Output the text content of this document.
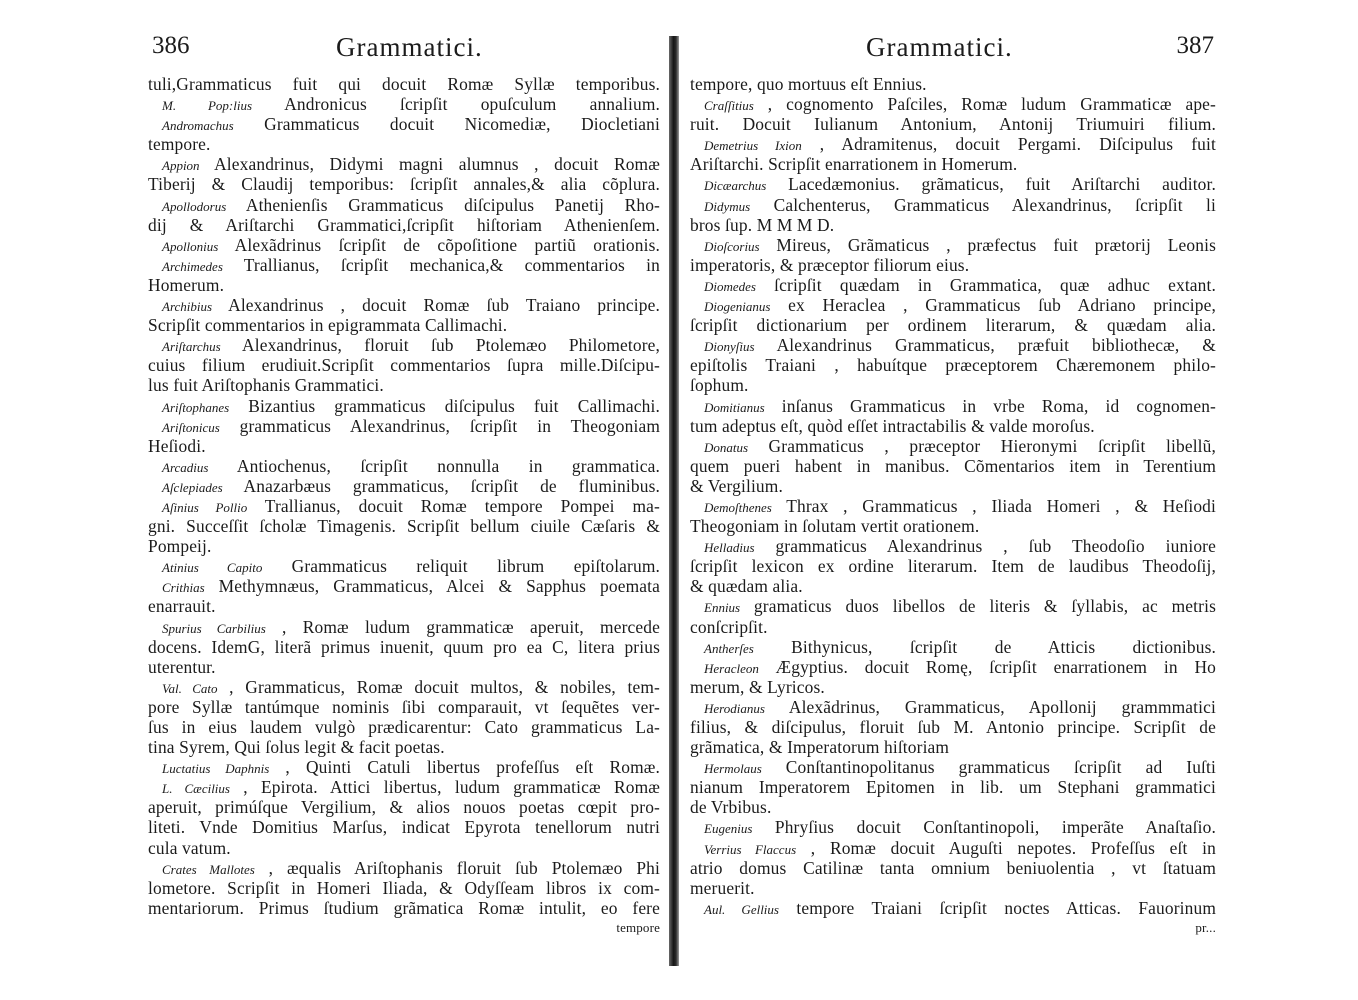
386	Grammatici.
tuli,Grammaticus fuit qui docuit Romæ Syllæ temporibus.
M. Pop:lius Andronicus ſcripſit opuſculum annalium.
Andromachus Grammaticus docuit Nicomediæ, Diocletiani
tempore.
Appion Alexandrinus, Didymi magni alumnus , docuit Romæ
Tiberij & Claudij temporibus: ſcripſit annales,& alia cõplura.
Apollodorus Athenienſis Grammaticus diſcipulus Panetij Rho-
dij & Ariſtarchi Grammatici,ſcripſit hiſtoriam Athenienſem.
Apollonius Alexãdrinus ſcripſit de cõpoſitione partiũ orationis.
Archimedes Trallianus, ſcripſit mechanica,& commentarios in
Homerum.
Archibius Alexandrinus , docuit Romæ ſub Traiano principe.
Scripſit commentarios in epigrammata Callimachi.
Ariſtarchus Alexandrinus, floruit ſub Ptolemæo Philometore,
cuius filium erudiuit.Scripſit commentarios ſupra mille.Diſcipu-
lus fuit Ariſtophanis Grammatici.
Ariſtophanes Bizantius grammaticus diſcipulus fuit Callimachi.
Ariſtonicus grammaticus Alexandrinus, ſcripſit in Theogoniam
Heſiodi.
Arcadius Antiochenus, ſcripſit nonnulla in grammatica.
Aſclepiades Anazarbæus grammaticus, ſcripſit de fluminibus.
Aſinius Pollio Trallianus, docuit Romæ tempore Pompei ma-
gni. Succeſſit ſcholæ Timagenis. Scripſit bellum ciuile Cæſaris &
Pompeij.
Atinius Capito Grammaticus reliquit librum epiſtolarum.
Crithias Methymnæus, Grammaticus, Alcei & Sapphus poemata
enarrauit.
Spurius Carbilius , Romæ ludum grammaticæ aperuit, mercede
docens. IdemG, literã primus inuenit, quum pro ea C, litera prius
uterentur.
Val. Cato , Grammaticus, Romæ docuit multos, & nobiles, tem-
pore Syllæ tantúmque nominis ſibi comparauit, vt ſequẽtes ver-
ſus in eius laudem vulgò prædicarentur: Cato grammaticus La-
tina Syrem, Qui ſolus legit & facit poetas.
Luctatius Daphnis , Quinti Catuli libertus profeſſus eſt Romæ.
L. Cæcilius , Epirota. Attici libertus, ludum grammaticæ Romæ
aperuit, primúſque Vergilium, & alios nouos poetas cœpit pro-
liteti. Vnde Domitius Marſus, indicat Epyrota tenellorum nutri
cula vatum.
Crates Mallotes , æqualis Ariſtophanis floruit ſub Ptolemæo Phi
lometore. Scripſit in Homeri Iliada, & Odyſſeam libros ix com-
mentariorum. Primus ſtudium grãmatica Romæ intulit, eo fere
tempore
Grammatici.	387
tempore, quo mortuus eſt Ennius.
Craſſitius , cognomento Paſciles, Romæ ludum Grammaticæ ape-
ruit. Docuit Iulianum Antonium, Antonij Triumuiri filium.
Demetrius Ixion , Adramitenus, docuit Pergami. Diſcipulus fuit
Ariſtarchi. Scripſit enarrationem in Homerum.
Dicæarchus Lacedæmonius. grãmaticus, fuit Ariſtarchi auditor.
Didymus Calchenterus, Grammaticus Alexandrinus, ſcripſit li
bros ſup. M M M D.
Dioſcorius Mireus, Grãmaticus , præfectus fuit prætorij Leonis
imperatoris, & præceptor filiorum eius.
Diomedes ſcripſit quædam in Grammatica, quæ adhuc extant.
Diogenianus ex Heraclea , Grammaticus ſub Adriano principe,
ſcripſit dictionarium per ordinem literarum, & quædam alia.
Dionyſius Alexandrinus Grammaticus, præfuit bibliothecæ, &
epiſtolis Traiani , habuítque præceptorem Chæremonem philo-
ſophum.
Domitianus inſanus Grammaticus in vrbe Roma, id cognomen-
tum adeptus eſt, quòd eſſet intractabilis & valde moroſus.
Donatus Grammaticus , præceptor Hieronymi ſcripſit libellũ,
quem pueri habent in manibus. Cõmentarios item in Terentium
& Vergilium.
Demoſthenes Thrax , Grammaticus , Iliada Homeri , & Heſiodi
Theogoniam in ſolutam vertit orationem.
Helladius grammaticus Alexandrinus , ſub Theodoſio iuniore
ſcripſit lexicon ex ordine literarum. Item de laudibus Theodoſij,
& quædam alia.
Ennius gramaticus duos libellos de literis & ſyllabis, ac metris
conſcripſit.
Antherſes Bithynicus, ſcripſit de Atticis dictionibus.
Heracleon Ægyptius. docuit Romę, ſcripſit enarrationem in Ho
merum, & Lyricos.
Herodianus Alexãdrinus, Grammaticus, Apollonij grammmatici
filius, & diſcipulus, floruit ſub M. Antonio principe. Scripſit de
grãmatica, & Imperatorum hiſtoriam
Hermolaus Conſtantinopolitanus grammaticus ſcripſit ad Iuſti
nianum Imperatorem Epitomen in lib. um Stephani grammatici
de Vrbibus.
Eugenius Phryſius docuit Conſtantinopoli, imperãte Anaſtaſio.
Verrius Flaccus , Romæ docuit Auguſti nepotes. Profeſſus eſt in
atrio domus Catilinæ tanta omnium beniuolentia , vt ſtatuam
meruerit.
Aul. Gellius tempore Traiani ſcripſit noctes Atticas. Fauorinum
pr...
